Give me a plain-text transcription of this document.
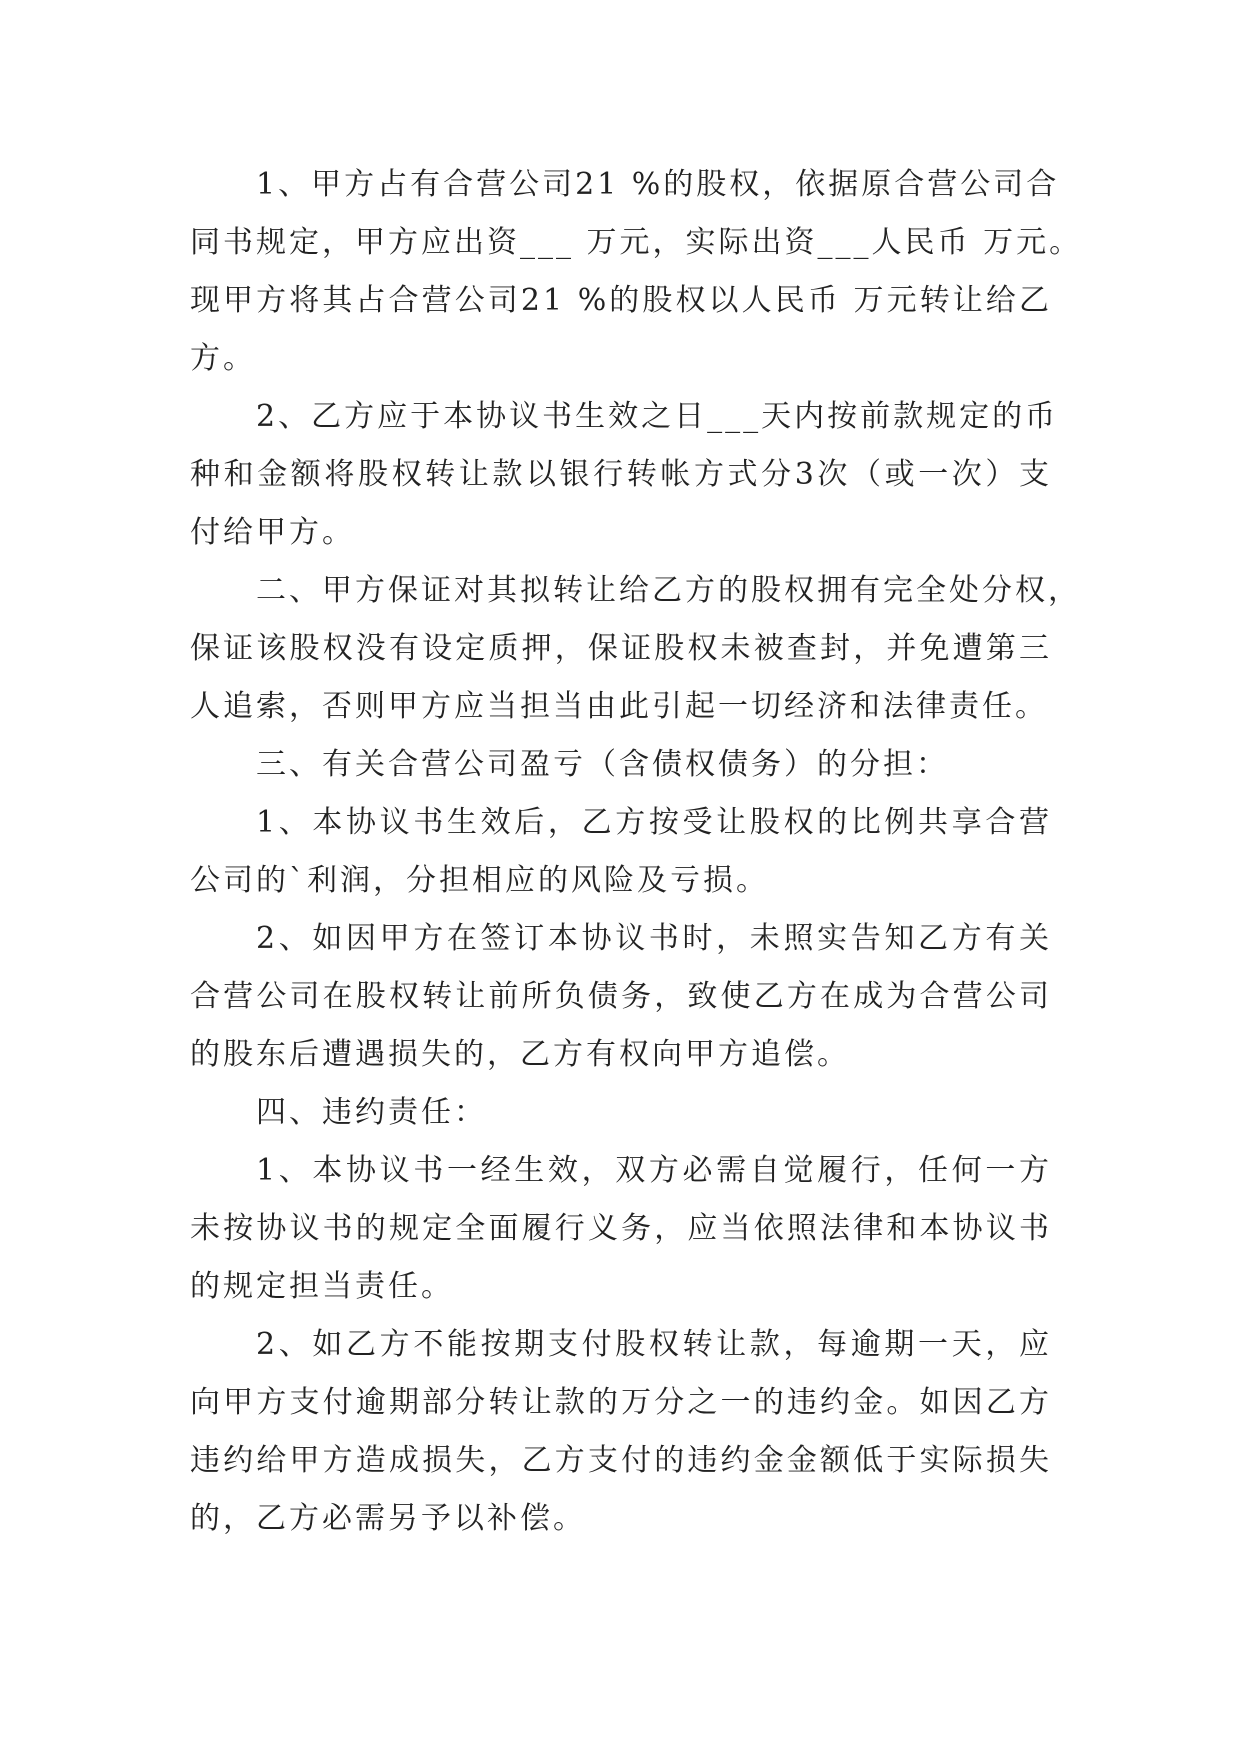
1、甲方占有合营公司21 %的股权，依据原合营公司合
同书规定，甲方应出资___ 万元，实际出资___人民币 万元。
现甲方将其占合营公司21 %的股权以人民币 万元转让给乙
方。
2、乙方应于本协议书生效之日___天内按前款规定的币
种和金额将股权转让款以银行转帐方式分3次（或一次）支
付给甲方。
二、甲方保证对其拟转让给乙方的股权拥有完全处分权，
保证该股权没有设定质押，保证股权未被查封，并免遭第三
人追索，否则甲方应当担当由此引起一切经济和法律责任。
三、有关合营公司盈亏（含债权债务）的分担：
1、本协议书生效后，乙方按受让股权的比例共享合营
公司的`利润，分担相应的风险及亏损。
2、如因甲方在签订本协议书时，未照实告知乙方有关
合营公司在股权转让前所负债务，致使乙方在成为合营公司
的股东后遭遇损失的，乙方有权向甲方追偿。
四、违约责任：
1、本协议书一经生效，双方必需自觉履行，任何一方
未按协议书的规定全面履行义务，应当依照法律和本协议书
的规定担当责任。
2、如乙方不能按期支付股权转让款，每逾期一天，应
向甲方支付逾期部分转让款的万分之一的违约金。如因乙方
违约给甲方造成损失，乙方支付的违约金金额低于实际损失
的，乙方必需另予以补偿。
